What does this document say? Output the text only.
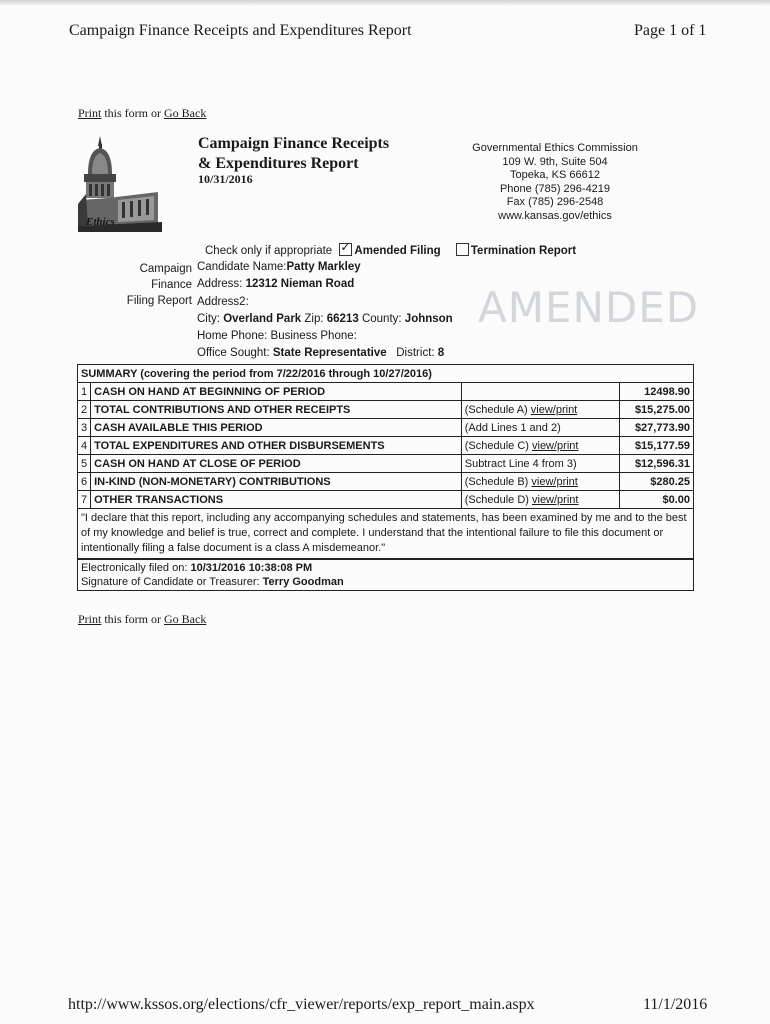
Campaign Finance Receipts and Expenditures Report	Page 1 of 1
Print this form or Go Back
Ethics
Campaign Finance Receipts
& Expenditures Report
10/31/2016
Governmental Ethics Commission
109 W. 9th, Suite 504
Topeka, KS 66612
Phone (785) 296-4219
Fax (785) 296-2548
www.kansas.gov/ethics
Check only if appropriate ✓ Amended Filing	Termination Report
Campaign Finance
Filing Report
Candidate Name:Patty Markley
Address: 12312 Nieman Road
Address2:
City: Overland Park Zip: 66213 County: Johnson
Home Phone: Business Phone:
Office Sought: State Representative District: 8
AMENDED
SUMMARY (covering the period from 7/22/2016 through 10/27/2016)			
1	CASH ON HAND AT BEGINNING OF PERIOD		12498.90
2	TOTAL CONTRIBUTIONS AND OTHER RECEIPTS	(Schedule A) view/print	$15,275.00
3	CASH AVAILABLE THIS PERIOD	(Add Lines 1 and 2)	$27,773.90
4	TOTAL EXPENDITURES AND OTHER DISBURSEMENTS	(Schedule C) view/print	$15,177.59
5	CASH ON HAND AT CLOSE OF PERIOD	Subtract Line 4 from 3)	$12,596.31
6	IN-KIND (NON-MONETARY) CONTRIBUTIONS	(Schedule B) view/print	$280.25
7	OTHER TRANSACTIONS	(Schedule D) view/print	$0.00
"I declare that this report, including any accompanying schedules and statements, has been examined by me and to the best of my knowledge and belief is true, correct and complete. I understand that the intentional failure to file this document or intentionally filing a false document is a class A misdemeanor."
Electronically filed on: 10/31/2016 10:38:08 PM
Signature of Candidate or Treasurer: Terry Goodman
Print this form or Go Back
http://www.kssos.org/elections/cfr_viewer/reports/exp_report_main.aspx	11/1/2016
